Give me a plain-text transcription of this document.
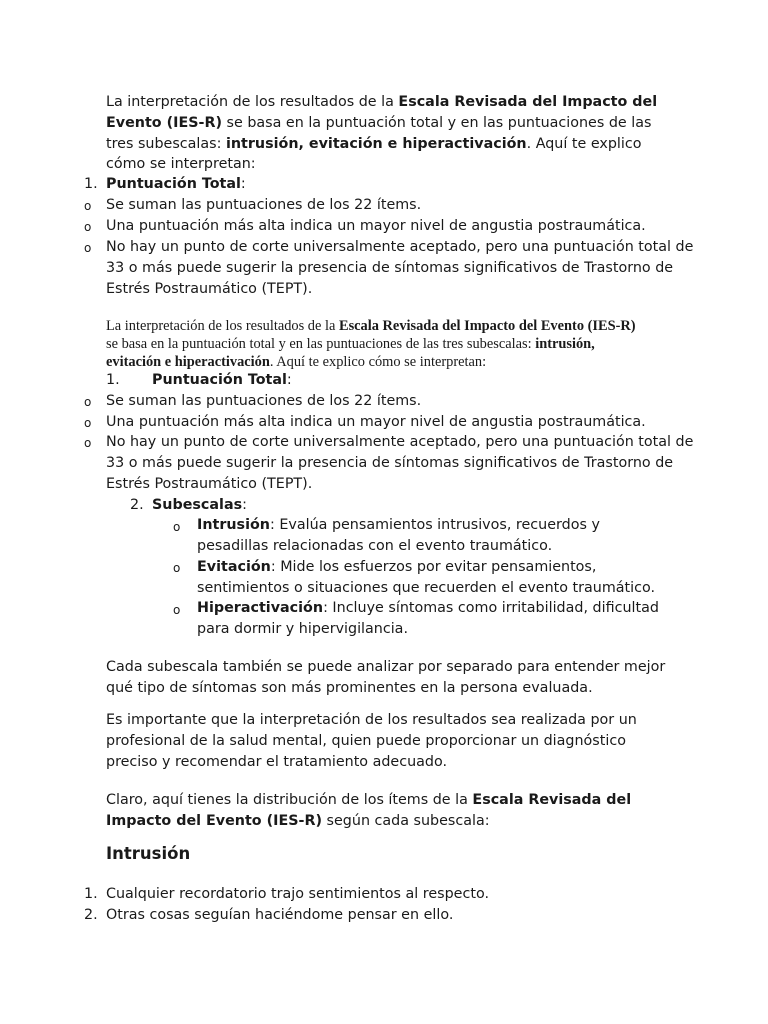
La interpretación de los resultados de la Escala Revisada del Impacto del Evento (IES-R) se basa en la puntuación total y en las puntuaciones de las tres subescalas: intrusión, evitación e hiperactivación. Aquí te explico cómo se interpretan:

1. Puntuación Total:
o Se suman las puntuaciones de los 22 ítems.
o Una puntuación más alta indica un mayor nivel de angustia postraumática.
o No hay un punto de corte universalmente aceptado, pero una puntuación total de
33 o más puede sugerir la presencia de síntomas significativos de Trastorno de
Estrés Postraumático (TEPT).

La interpretación de los resultados de la Escala Revisada del Impacto del Evento (IES-R) se basa en la puntuación total y en las puntuaciones de las tres subescalas: intrusión, evitación e hiperactivación. Aquí te explico cómo se interpretan:

1. Puntuación Total:
o Se suman las puntuaciones de los 22 ítems.
o Una puntuación más alta indica un mayor nivel de angustia postraumática.
o No hay un punto de corte universalmente aceptado, pero una puntuación total de
33 o más puede sugerir la presencia de síntomas significativos de Trastorno de
Estrés Postraumático (TEPT).
2. Subescalas:
o Intrusión: Evalúa pensamientos intrusivos, recuerdos y pesadillas relacionadas con el evento traumático.
o Evitación: Mide los esfuerzos por evitar pensamientos, sentimientos o situaciones que recuerden el evento traumático.
o Hiperactivación: Incluye síntomas como irritabilidad, dificultad para dormir y hipervigilancia.

Cada subescala también se puede analizar por separado para entender mejor qué tipo de síntomas son más prominentes en la persona evaluada.

Es importante que la interpretación de los resultados sea realizada por un profesional de la salud mental, quien puede proporcionar un diagnóstico preciso y recomendar el tratamiento adecuado.

Claro, aquí tienes la distribución de los ítems de la Escala Revisada del Impacto del Evento (IES-R) según cada subescala:

Intrusión
1. Cualquier recordatorio trajo sentimientos al respecto.
2. Otras cosas seguían haciéndome pensar en ello.
